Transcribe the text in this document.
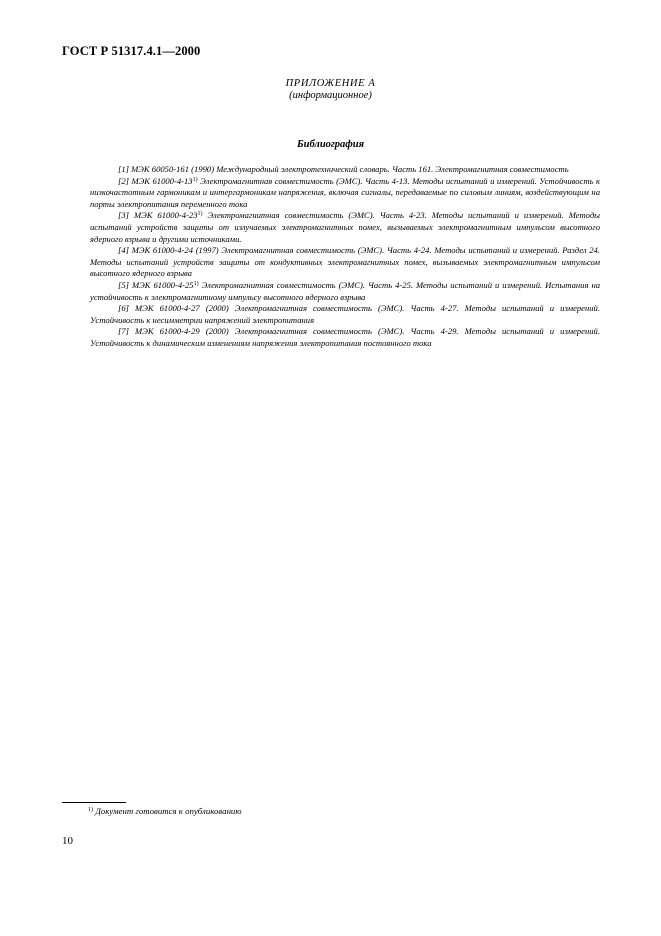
ГОСТ Р 51317.4.1—2000
ПРИЛОЖЕНИЕ А
(информационное)
Библиография
[1] МЭК 60050-161 (1990) Международный электротехнический словарь. Часть 161. Электромагнитная совместимость
[2] МЭК 61000-4-13$^{1)}$ Электромагнитная совместимость (ЭМС). Часть 4-13. Методы испытаний и измерений. Устойчивость к низкочастотным гармоникам и интергармоникам напряжения, включая сигналы, передаваемые по силовым линиям, воздействующим на порты электропитания переменного тока
[3] МЭК 61000-4-23$^{1)}$ Электромагнитная совместимость (ЭМС). Часть 4-23. Методы испытаний и измерений. Методы испытаний устройств защиты от излучаемых электромагнитных помех, вызываемых электромагнитным импульсом высотного ядерного взрыва и другими источниками.
[4] МЭК 61000-4-24 (1997) Электромагнитная совместимость (ЭМС). Часть 4-24. Методы испытаний и измерений. Раздел 24. Методы испытаний устройств защиты от кондуктивных электромагнитных помех, вызываемых электромагнитным импульсом высотного ядерного взрыва
[5] МЭК 61000-4-25$^{1)}$ Электромагнитная совместимость (ЭМС). Часть 4-25. Методы испытаний и измерений. Испытания на устойчивость к электромагнитному импульсу высотного ядерного взрыва
[6] МЭК 61000-4-27 (2000) Электромагнитная совместимость (ЭМС). Часть 4-27. Методы испытаний и измерений. Устойчивость к несимметрии напряжений электропитания
[7] МЭК 61000-4-29 (2000) Электромагнитная совместимость (ЭМС). Часть 4-29. Методы испытаний и измерений. Устойчивость к динамическим изменениям напряжения электропитания постоянного тока
$^{1)}$ Документ готовится к опубликованию
10
